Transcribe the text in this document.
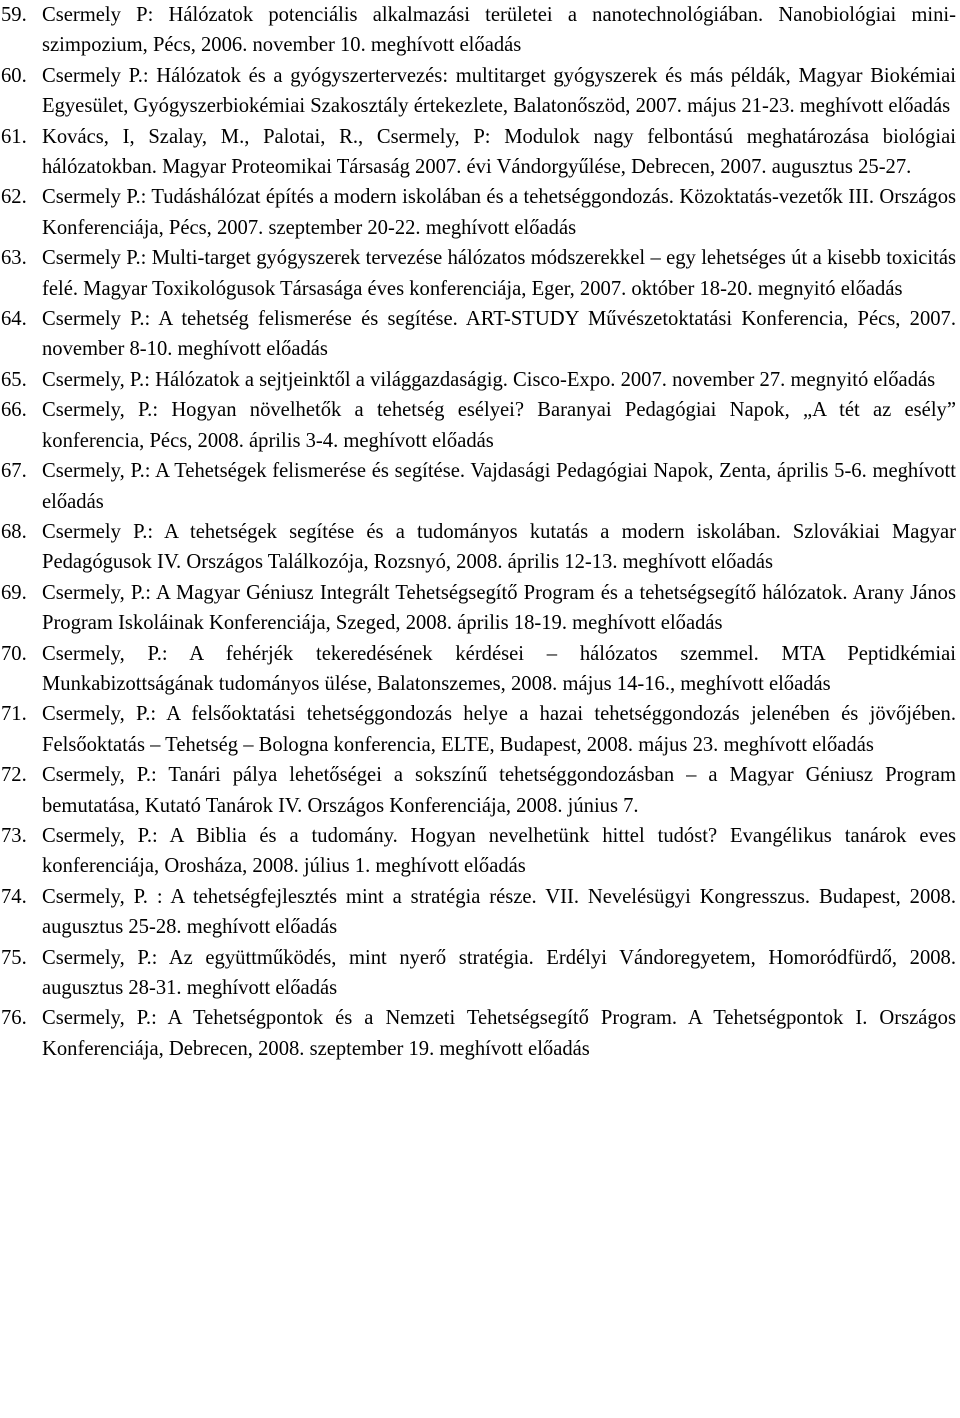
59. Csermely P: Hálózatok potenciális alkalmazási területei a nanotechnológiában. Nanobiológiai mini-szimpozium, Pécs, 2006. november 10. meghívott előadás
60. Csermely P.: Hálózatok és a gyógyszertervezés: multitarget gyógyszerek és más példák, Magyar Biokémiai Egyesület, Gyógyszerbiokémiai Szakosztály értekezlete, Balatonőszöd, 2007. május 21-23. meghívott előadás
61. Kovács, I, Szalay, M., Palotai, R., Csermely, P: Modulok nagy felbontású meghatározása biológiai hálózatokban. Magyar Proteomikai Társaság 2007. évi Vándorgyűlése, Debrecen, 2007. augusztus 25-27.
62. Csermely P.: Tudáshálózat építés a modern iskolában és a tehetséggondozás. Közoktatás-vezetők III. Országos Konferenciája, Pécs, 2007. szeptember 20-22. meghívott előadás
63. Csermely P.: Multi-target gyógyszerek tervezése hálózatos módszerekkel – egy lehetséges út a kisebb toxicitás felé. Magyar Toxikológusok Társasága éves konferenciája, Eger, 2007. október 18-20. megnyitó előadás
64. Csermely P.: A tehetség felismerése és segítése. ART-STUDY Művészetoktatási Konferencia, Pécs, 2007. november 8-10. meghívott előadás
65. Csermely, P.: Hálózatok a sejtjeinktől a világgazdaságig. Cisco-Expo. 2007. november 27. megnyitó előadás
66. Csermely, P.: Hogyan növelhetők a tehetség esélyei? Baranyai Pedagógiai Napok, „A tét az esély” konferencia, Pécs, 2008. április 3-4. meghívott előadás
67. Csermely, P.: A Tehetségek felismerése és segítése. Vajdasági Pedagógiai Napok, Zenta, április 5-6. meghívott előadás
68. Csermely P.: A tehetségek segítése és a tudományos kutatás a modern iskolában. Szlovákiai Magyar Pedagógusok IV. Országos Találkozója, Rozsnyó, 2008. április 12-13. meghívott előadás
69. Csermely, P.: A Magyar Géniusz Integrált Tehetségsegítő Program és a tehetségsegítő hálózatok. Arany János Program Iskoláinak Konferenciája, Szeged, 2008. április 18-19. meghívott előadás
70. Csermely, P.: A fehérjék tekeredésének kérdései – hálózatos szemmel. MTA Peptidkémiai Munkabizottságának tudományos ülése, Balatonszemes, 2008. május 14-16., meghívott előadás
71. Csermely, P.: A felsőoktatási tehetséggondozás helye a hazai tehetséggondozás jelenében és jövőjében. Felsőoktatás – Tehetség – Bologna konferencia, ELTE, Budapest, 2008. május 23. meghívott előadás
72. Csermely, P.: Tanári pálya lehetőségei a sokszínű tehetséggondozásban – a Magyar Géniusz Program bemutatása, Kutató Tanárok IV. Országos Konferenciája, 2008. június 7.
73. Csermely, P.: A Biblia és a tudomány. Hogyan nevelhetünk hittel tudóst? Evangélikus tanárok eves konferenciája, Orosháza, 2008. július 1. meghívott előadás
74. Csermely, P. : A tehetségfejlesztés mint a stratégia része. VII. Nevelésügyi Kongresszus. Budapest, 2008. augusztus 25-28. meghívott előadás
75. Csermely, P.: Az együttműködés, mint nyerő stratégia. Erdélyi Vándoregyetem, Homoródfürdő, 2008. augusztus 28-31. meghívott előadás
76. Csermely, P.: A Tehetségpontok és a Nemzeti Tehetségsegítő Program. A Tehetségpontok I. Országos Konferenciája, Debrecen, 2008. szeptember 19. meghívott előadás
